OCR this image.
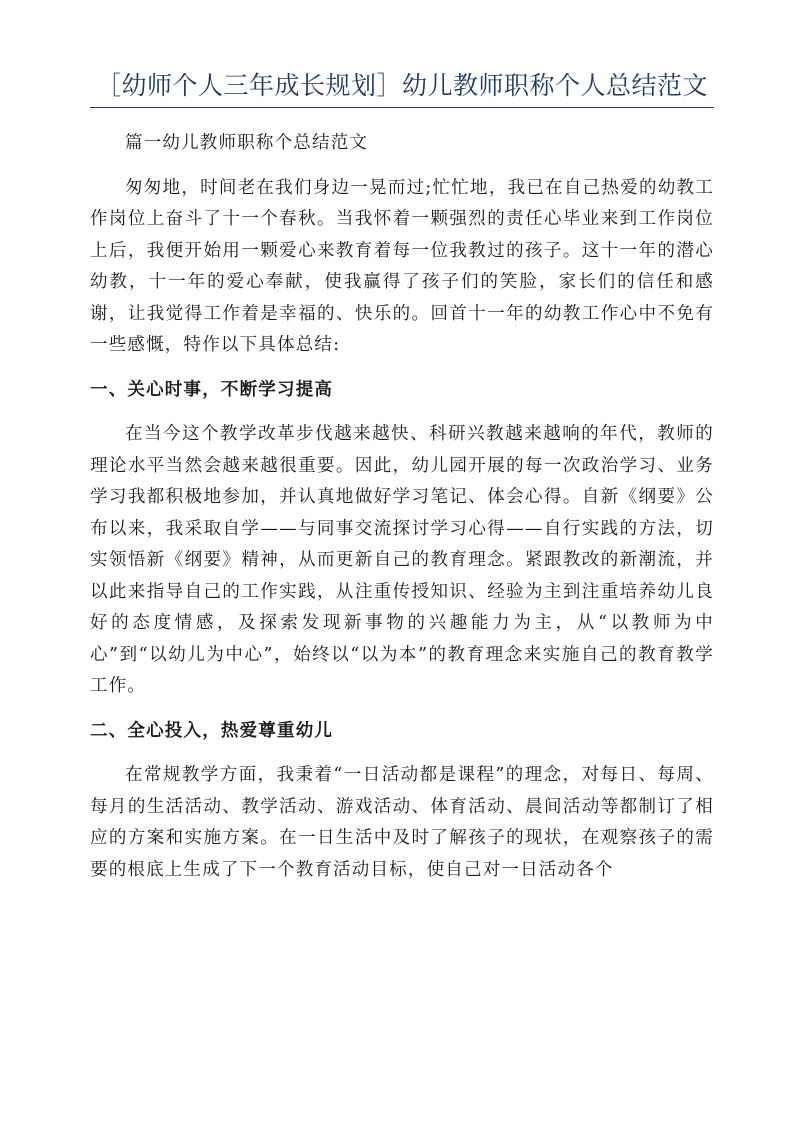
［幼师个人三年成长规划］幼儿教师职称个人总结范文

篇一幼儿教师职称个总结范文

匆匆地，时间老在我们身边一晃而过;忙忙地，我已在自己热爱的幼教工作岗位上奋斗了十一个春秋。当我怀着一颗强烈的责任心毕业来到工作岗位上后，我便开始用一颗爱心来教育着每一位我教过的孩子。这十一年的潜心幼教，十一年的爱心奉献，使我赢得了孩子们的笑脸，家长们的信任和感谢，让我觉得工作着是幸福的、快乐的。回首十一年的幼教工作心中不免有一些感慨，特作以下具体总结:

一、关心时事，不断学习提高

在当今这个教学改革步伐越来越快、科研兴教越来越响的年代，教师的理论水平当然会越来越很重要。因此，幼儿园开展的每一次政治学习、业务学习我都积极地参加，并认真地做好学习笔记、体会心得。自新《纲要》公布以来，我采取自学——与同事交流探讨学习心得——自行实践的方法，切实领悟新《纲要》精神，从而更新自己的教育理念。紧跟教改的新潮流，并以此来指导自己的工作实践，从注重传授知识、经验为主到注重培养幼儿良好的态度情感，及探索发现新事物的兴趣能力为主，从“以教师为中心”到“以幼儿为中心”，始终以“以为本”的教育理念来实施自己的教育教学工作。

二、全心投入，热爱尊重幼儿

在常规教学方面，我秉着“一日活动都是课程”的理念，对每日、每周、每月的生活活动、教学活动、游戏活动、体育活动、晨间活动等都制订了相应的方案和实施方案。在一日生活中及时了解孩子的现状，在观察孩子的需要的根底上生成了下一个教育活动目标，使自己对一日活动各个
